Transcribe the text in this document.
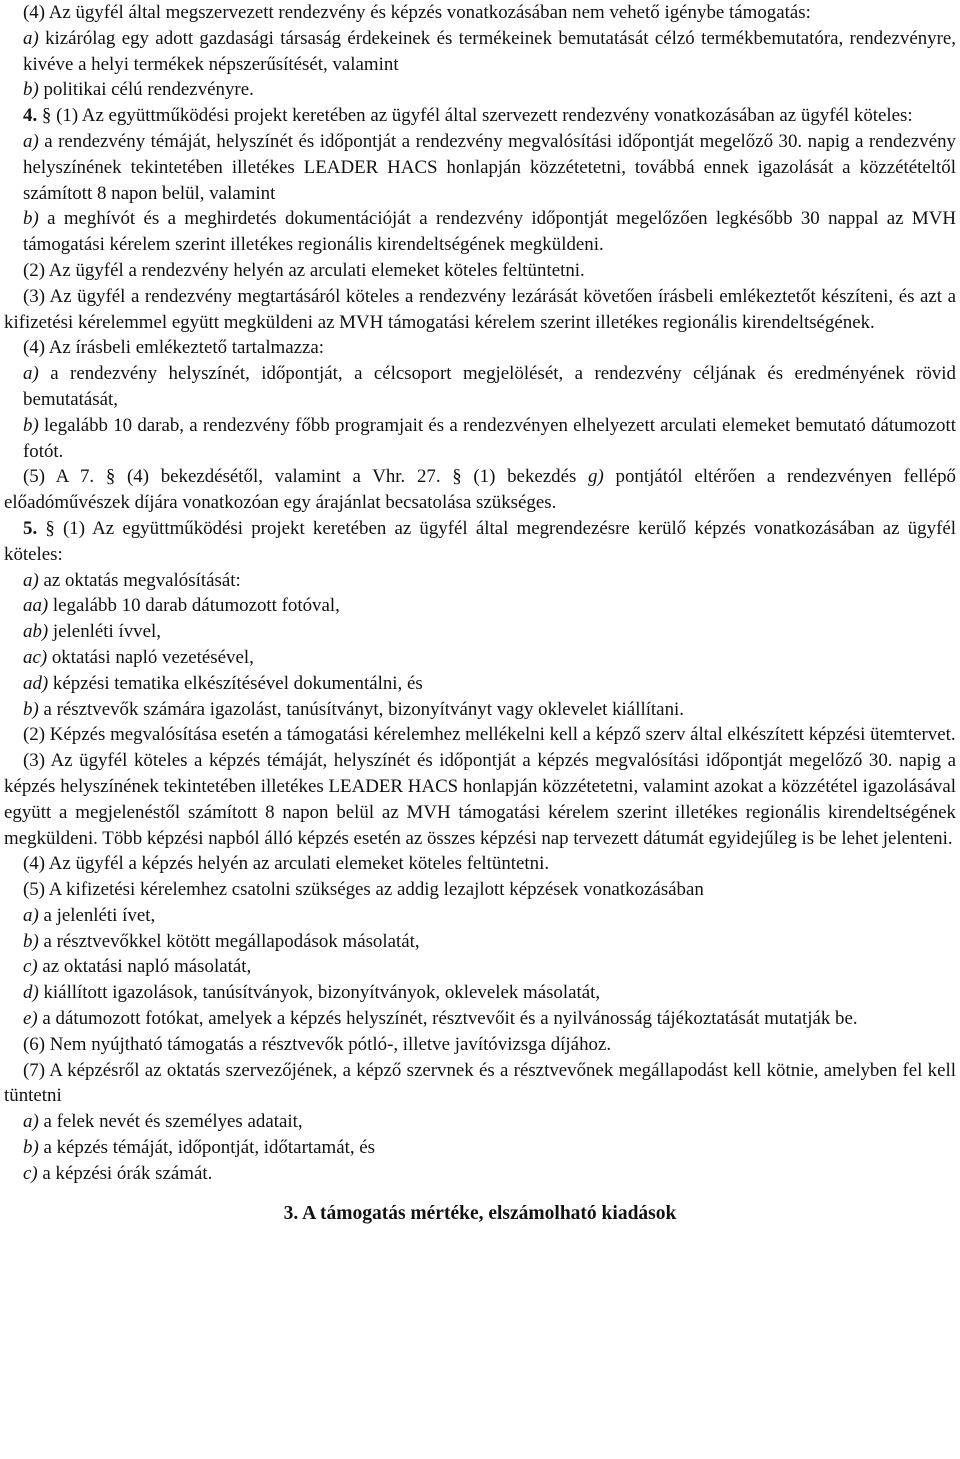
(4) Az ügyfél által megszervezett rendezvény és képzés vonatkozásában nem vehető igénybe támogatás:

a) kizárólag egy adott gazdasági társaság érdekeinek és termékeinek bemutatását célzó termékbemutatóra, rendezvényre, kivéve a helyi termékek népszerűsítését, valamint

b) politikai célú rendezvényre.

4. § (1) Az együttműködési projekt keretében az ügyfél által szervezett rendezvény vonatkozásában az ügyfél köteles:

a) a rendezvény témáját, helyszínét és időpontját a rendezvény megvalósítási időpontját megelőző 30. napig a rendezvény helyszínének tekintetében illetékes LEADER HACS honlapján közzétetetni, továbbá ennek igazolását a közzétételtől számított 8 napon belül, valamint

b) a meghívót és a meghirdetés dokumentációját a rendezvény időpontját megelőzően legkésőbb 30 nappal az MVH támogatási kérelem szerint illetékes regionális kirendeltségének megküldeni.

(2) Az ügyfél a rendezvény helyén az arculati elemeket köteles feltüntetni.

(3) Az ügyfél a rendezvény megtartásáról köteles a rendezvény lezárását követően írásbeli emlékeztetőt készíteni, és azt a kifizetési kérelemmel együtt megküldeni az MVH támogatási kérelem szerint illetékes regionális kirendeltségének.

(4) Az írásbeli emlékeztető tartalmazza:

a) a rendezvény helyszínét, időpontját, a célcsoport megjelölését, a rendezvény céljának és eredményének rövid bemutatását,

b) legalább 10 darab, a rendezvény főbb programjait és a rendezvényen elhelyezett arculati elemeket bemutató dátumozott fotót.

(5) A 7. § (4) bekezdésétől, valamint a Vhr. 27. § (1) bekezdés g) pontjától eltérően a rendezvényen fellépő előadóművészek díjára vonatkozóan egy árajánlat becsatolása szükséges.

5. § (1) Az együttműködési projekt keretében az ügyfél által megrendezésre kerülő képzés vonatkozásában az ügyfél köteles:

a) az oktatás megvalósítását:

aa) legalább 10 darab dátumozott fotóval,

ab) jelenléti ívvel,

ac) oktatási napló vezetésével,

ad) képzési tematika elkészítésével dokumentálni, és

b) a résztvevők számára igazolást, tanúsítványt, bizonyítványt vagy oklevelet kiállítani.

(2) Képzés megvalósítása esetén a támogatási kérelemhez mellékelni kell a képző szerv által elkészített képzési ütemtervet.

(3) Az ügyfél köteles a képzés témáját, helyszínét és időpontját a képzés megvalósítási időpontját megelőző 30. napig a képzés helyszínének tekintetében illetékes LEADER HACS honlapján közzétetetni, valamint azokat a közzététel igazolásával együtt a megjelenéstől számított 8 napon belül az MVH támogatási kérelem szerint illetékes regionális kirendeltségének megküldeni. Több képzési napból álló képzés esetén az összes képzési nap tervezett dátumát egyidejűleg is be lehet jelenteni.

(4) Az ügyfél a képzés helyén az arculati elemeket köteles feltüntetni.

(5) A kifizetési kérelemhez csatolni szükséges az addig lezajlott képzések vonatkozásában

a) a jelenléti ívet,

b) a résztvevőkkel kötött megállapodások másolatát,

c) az oktatási napló másolatát,

d) kiállított igazolások, tanúsítványok, bizonyítványok, oklevelek másolatát,

e) a dátumozott fotókat, amelyek a képzés helyszínét, résztvevőit és a nyilvánosság tájékoztatását mutatják be.

(6) Nem nyújtható támogatás a résztvevők pótló-, illetve javítóvizsga díjához.

(7) A képzésről az oktatás szervezőjének, a képző szervnek és a résztvevőnek megállapodást kell kötnie, amelyben fel kell tüntetni

a) a felek nevét és személyes adatait,

b) a képzés témáját, időpontját, időtartamát, és

c) a képzési órák számát.

3. A támogatás mértéke, elszámolható kiadások
